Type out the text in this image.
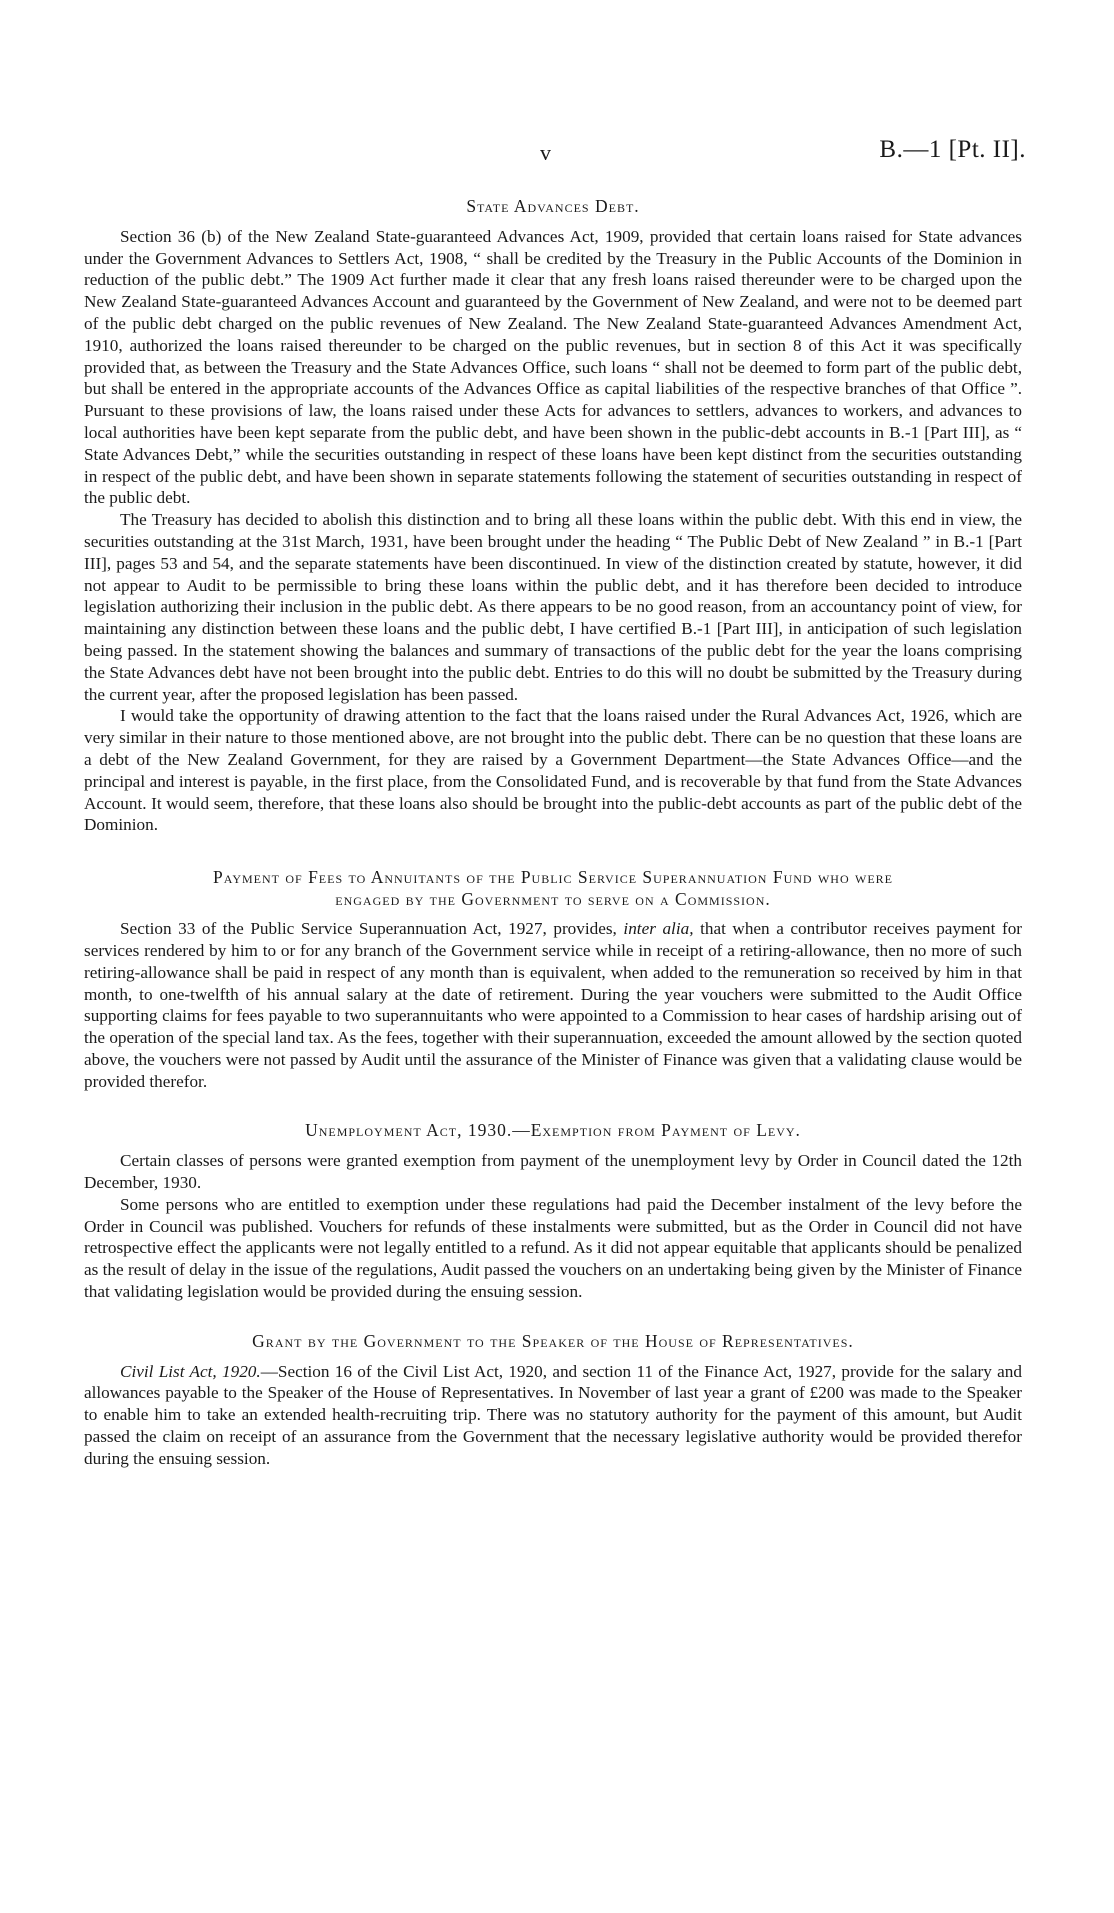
v	B.—1 [Pt. II].
State Advances Debt.

Section 36 (b) of the New Zealand State-guaranteed Advances Act, 1909, provided that certain loans raised for State advances under the Government Advances to Settlers Act, 1908, “ shall be credited by the Treasury in the Public Accounts of the Dominion in reduction of the public debt.” The 1909 Act further made it clear that any fresh loans raised thereunder were to be charged upon the New Zealand State-guaranteed Advances Account and guaranteed by the Government of New Zealand, and were not to be deemed part of the public debt charged on the public revenues of New Zealand. The New Zealand State-guaranteed Advances Amendment Act, 1910, authorized the loans raised thereunder to be charged on the public revenues, but in section 8 of this Act it was specifically provided that, as between the Treasury and the State Advances Office, such loans “ shall not be deemed to form part of the public debt, but shall be entered in the appropriate accounts of the Advances Office as capital liabilities of the respective branches of that Office ”. Pursuant to these provisions of law, the loans raised under these Acts for advances to settlers, advances to workers, and advances to local authorities have been kept separate from the public debt, and have been shown in the public-debt accounts in B.-1 [Part III], as “ State Advances Debt,” while the securities outstanding in respect of these loans have been kept distinct from the securities outstanding in respect of the public debt, and have been shown in separate statements following the statement of securities outstanding in respect of the public debt.

The Treasury has decided to abolish this distinction and to bring all these loans within the public debt. With this end in view, the securities outstanding at the 31st March, 1931, have been brought under the heading “ The Public Debt of New Zealand ” in B.-1 [Part III], pages 53 and 54, and the separate statements have been discontinued. In view of the distinction created by statute, however, it did not appear to Audit to be permissible to bring these loans within the public debt, and it has therefore been decided to introduce legislation authorizing their inclusion in the public debt. As there appears to be no good reason, from an accountancy point of view, for maintaining any distinction between these loans and the public debt, I have certified B.-1 [Part III], in anticipation of such legislation being passed. In the statement showing the balances and summary of transactions of the public debt for the year the loans comprising the State Advances debt have not been brought into the public debt. Entries to do this will no doubt be submitted by the Treasury during the current year, after the proposed legislation has been passed.

I would take the opportunity of drawing attention to the fact that the loans raised under the Rural Advances Act, 1926, which are very similar in their nature to those mentioned above, are not brought into the public debt. There can be no question that these loans are a debt of the New Zealand Government, for they are raised by a Government Department—the State Advances Office—and the principal and interest is payable, in the first place, from the Consolidated Fund, and is recoverable by that fund from the State Advances Account. It would seem, therefore, that these loans also should be brought into the public-debt accounts as part of the public debt of the Dominion.

Payment of Fees to Annuitants of the Public Service Superannuation Fund who were
engaged by the Government to serve on a Commission.

Section 33 of the Public Service Superannuation Act, 1927, provides, inter alia, that when a contributor receives payment for services rendered by him to or for any branch of the Government service while in receipt of a retiring-allowance, then no more of such retiring-allowance shall be paid in respect of any month than is equivalent, when added to the remuneration so received by him in that month, to one-twelfth of his annual salary at the date of retirement. During the year vouchers were submitted to the Audit Office supporting claims for fees payable to two superannuitants who were appointed to a Commission to hear cases of hardship arising out of the operation of the special land tax. As the fees, together with their superannuation, exceeded the amount allowed by the section quoted above, the vouchers were not passed by Audit until the assurance of the Minister of Finance was given that a validating clause would be provided therefor.

Unemployment Act, 1930.—Exemption from Payment of Levy.

Certain classes of persons were granted exemption from payment of the unemployment levy by Order in Council dated the 12th December, 1930.

Some persons who are entitled to exemption under these regulations had paid the December instalment of the levy before the Order in Council was published. Vouchers for refunds of these instalments were submitted, but as the Order in Council did not have retrospective effect the applicants were not legally entitled to a refund. As it did not appear equitable that applicants should be penalized as the result of delay in the issue of the regulations, Audit passed the vouchers on an undertaking being given by the Minister of Finance that validating legislation would be provided during the ensuing session.

Grant by the Government to the Speaker of the House of Representatives.

Civil List Act, 1920.—Section 16 of the Civil List Act, 1920, and section 11 of the Finance Act, 1927, provide for the salary and allowances payable to the Speaker of the House of Representatives. In November of last year a grant of £200 was made to the Speaker to enable him to take an extended health-recruiting trip. There was no statutory authority for the payment of this amount, but Audit passed the claim on receipt of an assurance from the Government that the necessary legislative authority would be provided therefor during the ensuing session.
